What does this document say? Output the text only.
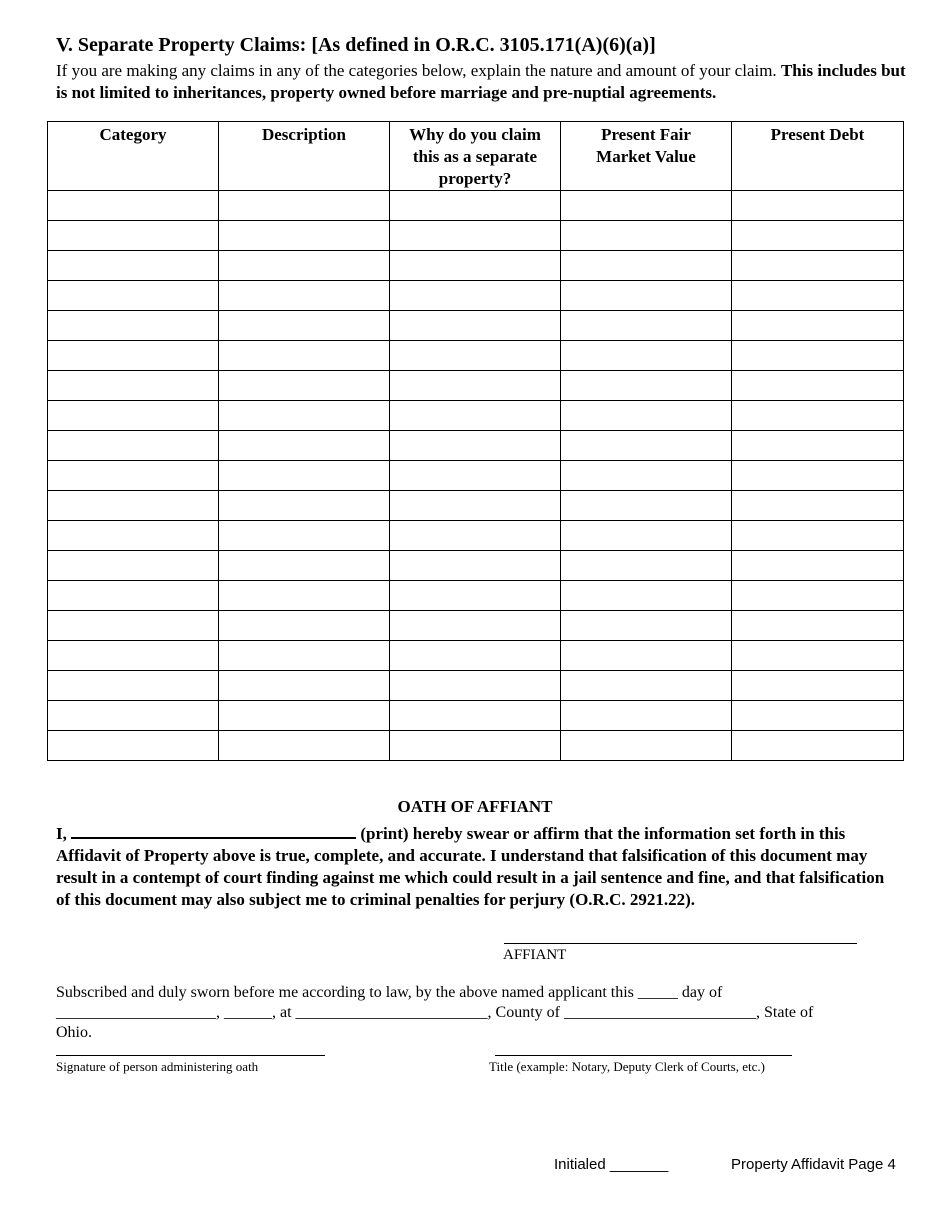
V. Separate Property Claims: [As defined in O.R.C. 3105.171(A)(6)(a)]
If you are making any claims in any of the categories below, explain the nature and amount of your claim. This includes but is not limited to inheritances, property owned before marriage and pre-nuptial agreements.
Category	Description	Why do you claim this as a separate property?	Present Fair Market Value	Present Debt

OATH OF AFFIANT
I,	(print) hereby swear or affirm that the information set forth in this Affidavit of Property above is true, complete, and accurate. I understand that falsification of this document may result in a contempt of court finding against me which could result in a jail sentence and fine, and that falsification of this document may also subject me to criminal penalties for perjury (O.R.C. 2921.22).
AFFIANT
Subscribed and duly sworn before me according to law, by the above named applicant this _____ day of
____________________, ______, at ________________________, County of ________________________, State of
Ohio.
Signature of person administering oath	Title (example: Notary, Deputy Clerk of Courts, etc.)
Initialed _______	Property Affidavit Page 4
